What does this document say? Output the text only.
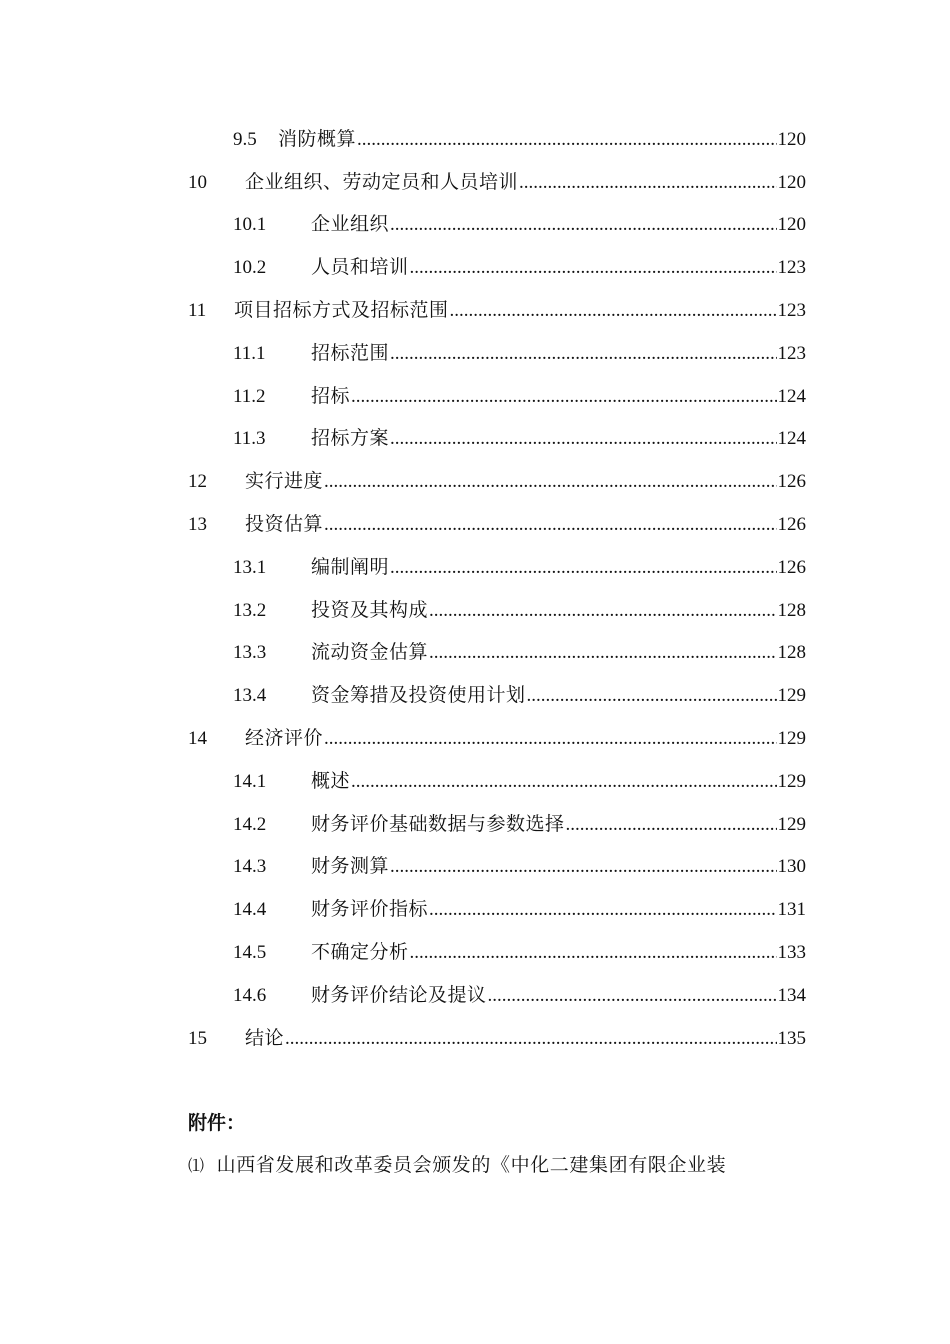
9.5	消防概算 .....	120
10	企业组织、劳动定员和人员培训 .....	120
10.1	企业组织 .....	120
10.2	人员和培训 .....	123
11	项目招标方式及招标范围 .....	123
11.1	招标范围 .....	123
11.2	招标 .....	124
11.3	招标方案 .....	124
12	实行进度 .....	126
13	投资估算 .....	126
13.1	编制阐明 .....	126
13.2	投资及其构成 .....	128
13.3	流动资金估算 .....	128
13.4	资金筹措及投资使用计划 .....	129
14	经济评价 .....	129
14.1	概述 .....	129
14.2	财务评价基础数据与参数选择 .....	129
14.3	财务测算 .....	130
14.4	财务评价指标 .....	131
14.5	不确定分析 .....	133
14.6	财务评价结论及提议 .....	134
15	结论 .....	135
附件：
⑴ 山西省发展和改革委员会颁发的《中化二建集团有限企业装
